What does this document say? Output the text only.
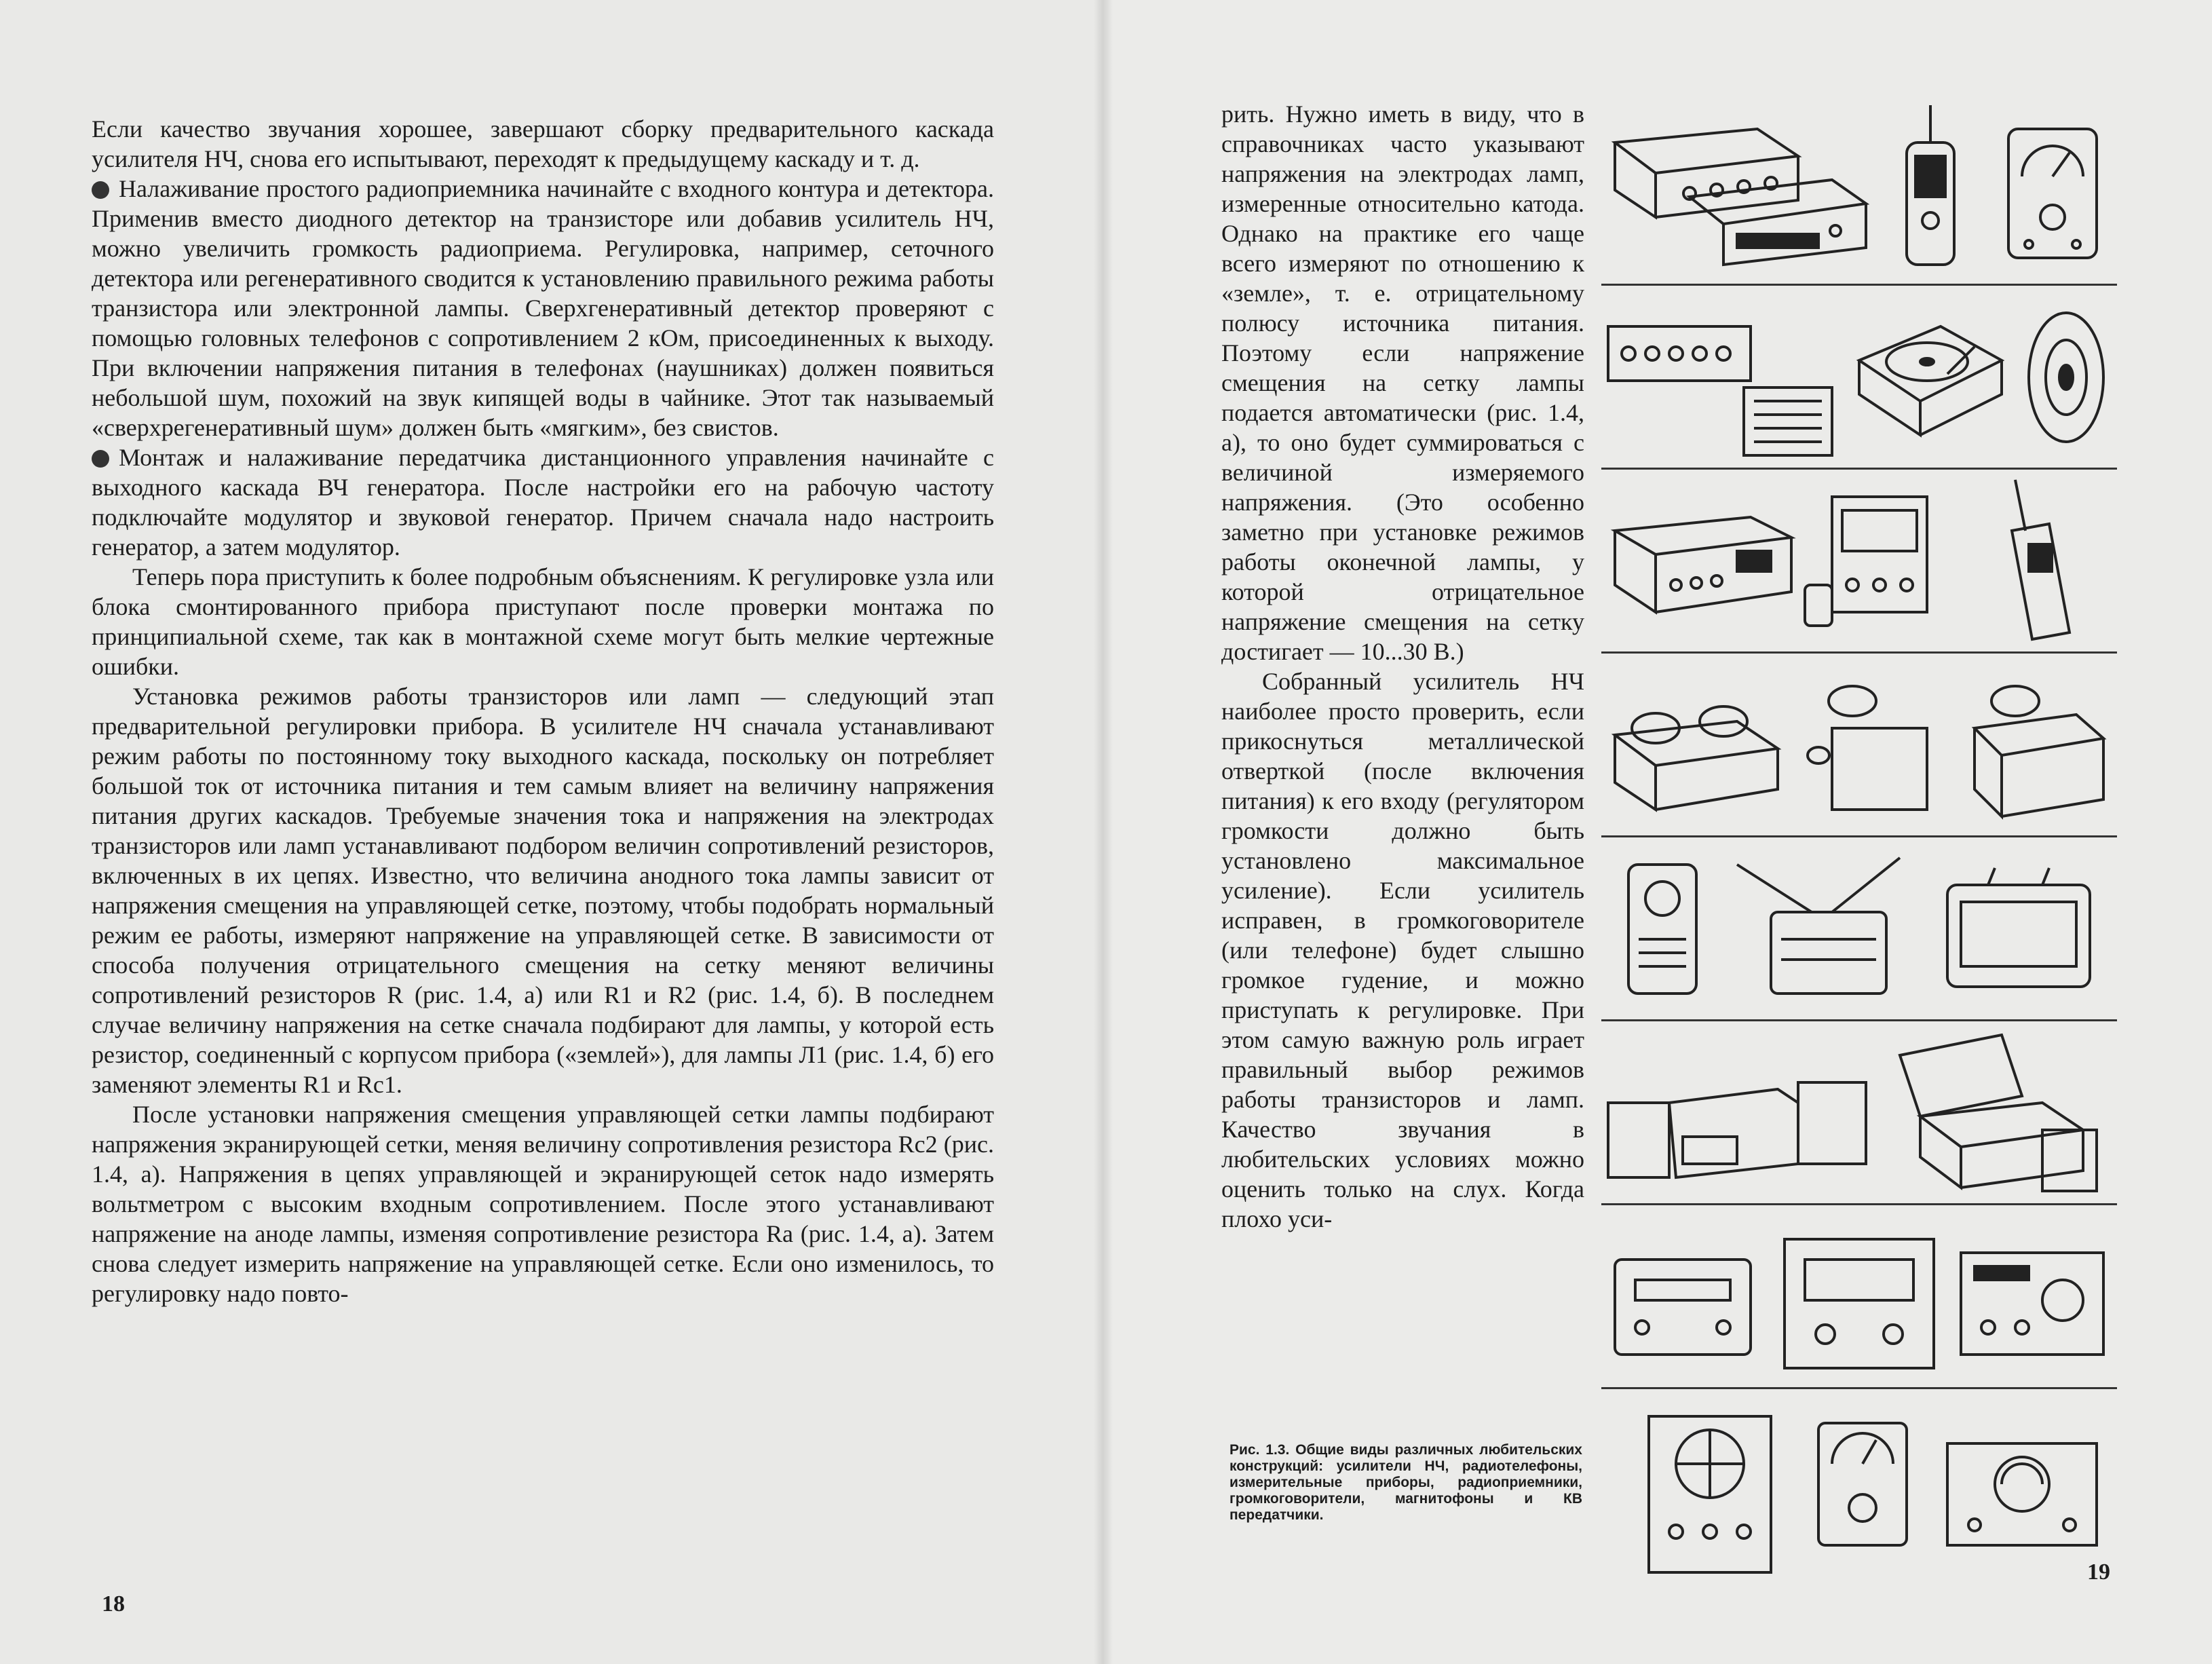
Если качество звучания хорошее, завершают сборку предварительного каскада усилителя НЧ, снова его испытывают, переходят к предыдущему каскаду и т. д.

Налаживание простого радиоприемника начинайте с входного контура и детектора. Применив вместо диодного детектор на транзисторе или добавив усилитель НЧ, можно увеличить громкость радиоприема. Регулировка, например, сеточного детектора или регенеративного сводится к установлению правильного режима работы транзистора или электронной лампы. Сверхгенеративный детектор проверяют с помощью головных телефонов с сопротивлением 2 кОм, присоединенных к выходу. При включении напряжения питания в телефонах (наушниках) должен появиться небольшой шум, похожий на звук кипящей воды в чайнике. Этот так называемый «сверхрегенеративный шум» должен быть «мягким», без свистов.

Монтаж и налаживание передатчика дистанционного управления начинайте с выходного каскада ВЧ генератора. После настройки его на рабочую частоту подключайте модулятор и звуковой генератор. Причем сначала надо настроить генератор, а затем модулятор.

Теперь пора приступить к более подробным объяснениям. К регулировке узла или блока смонтированного прибора приступают после проверки монтажа по принципиальной схеме, так как в монтажной схеме могут быть мелкие чертежные ошибки.

Установка режимов работы транзисторов или ламп — следующий этап предварительной регулировки прибора. В усилителе НЧ сначала устанавливают режим работы по постоянному току выходного каскада, поскольку он потребляет большой ток от источника питания и тем самым влияет на величину напряжения питания других каскадов. Требуемые значения тока и напряжения на электродах транзисторов или ламп устанавливают подбором величин сопротивлений резисторов, включенных в их цепях. Известно, что величина анодного тока лампы зависит от напряжения смещения на управляющей сетке, поэтому, чтобы подобрать нормальный режим ее работы, измеряют напряжение на управляющей сетке. В зависимости от способа получения отрицательного смещения на сетку меняют величины сопротивлений резисторов R (рис. 1.4, а) или R1 и R2 (рис. 1.4, б). В последнем случае величину напряжения на сетке сначала подбирают для лампы, у которой есть резистор, соединенный с корпусом прибора («землей»), для лампы Л1 (рис. 1.4, б) его заменяют элементы R1 и Rс1.

После установки напряжения смещения управляющей сетки лампы подбирают напряжения экранирующей сетки, меняя величину сопротивления резистора Rс2 (рис. 1.4, а). Напряжения в цепях управляющей и экранирующей сеток надо измерять вольтметром с высоким входным сопротивлением. После этого устанавливают напряжение на аноде лампы, изменяя сопротивление резистора Rа (рис. 1.4, а). Затем снова следует измерить напряжение на управляющей сетке. Если оно изменилось, то регулировку надо повто-

18

рить. Нужно иметь в виду, что в справочниках часто указывают напряжения на электродах ламп, измеренные относительно катода. Однако на практике его чаще всего измеряют по отношению к «земле», т. е. отрицательному полюсу источника питания. Поэтому если напряжение смещения на сетку лампы подается автоматически (рис. 1.4, а), то оно будет суммироваться с величиной измеряемого напряжения. (Это особенно заметно при установке режимов работы оконечной лампы, у которой отрицательное напряжение смещения на сетку достигает — 10...30 В.)

Собранный усилитель НЧ наиболее просто проверить, если прикоснуться металлической отверткой (после включения питания) к его входу (регулятором громкости должно быть установлено максимальное усиление). Если усилитель исправен, в громкоговорителе (или телефоне) будет слышно громкое гудение, и можно приступать к регулировке. При этом самую важную роль играет правильный выбор режимов работы транзисторов и ламп. Качество звучания в любительских условиях можно оценить только на слух. Когда плохо уси-

Рис. 1.3. Общие виды различных любительских конструкций: усилители НЧ, радиотелефоны, измерительные приборы, радиоприемники, громкоговорители, магнитофоны и КВ передатчики.
19
